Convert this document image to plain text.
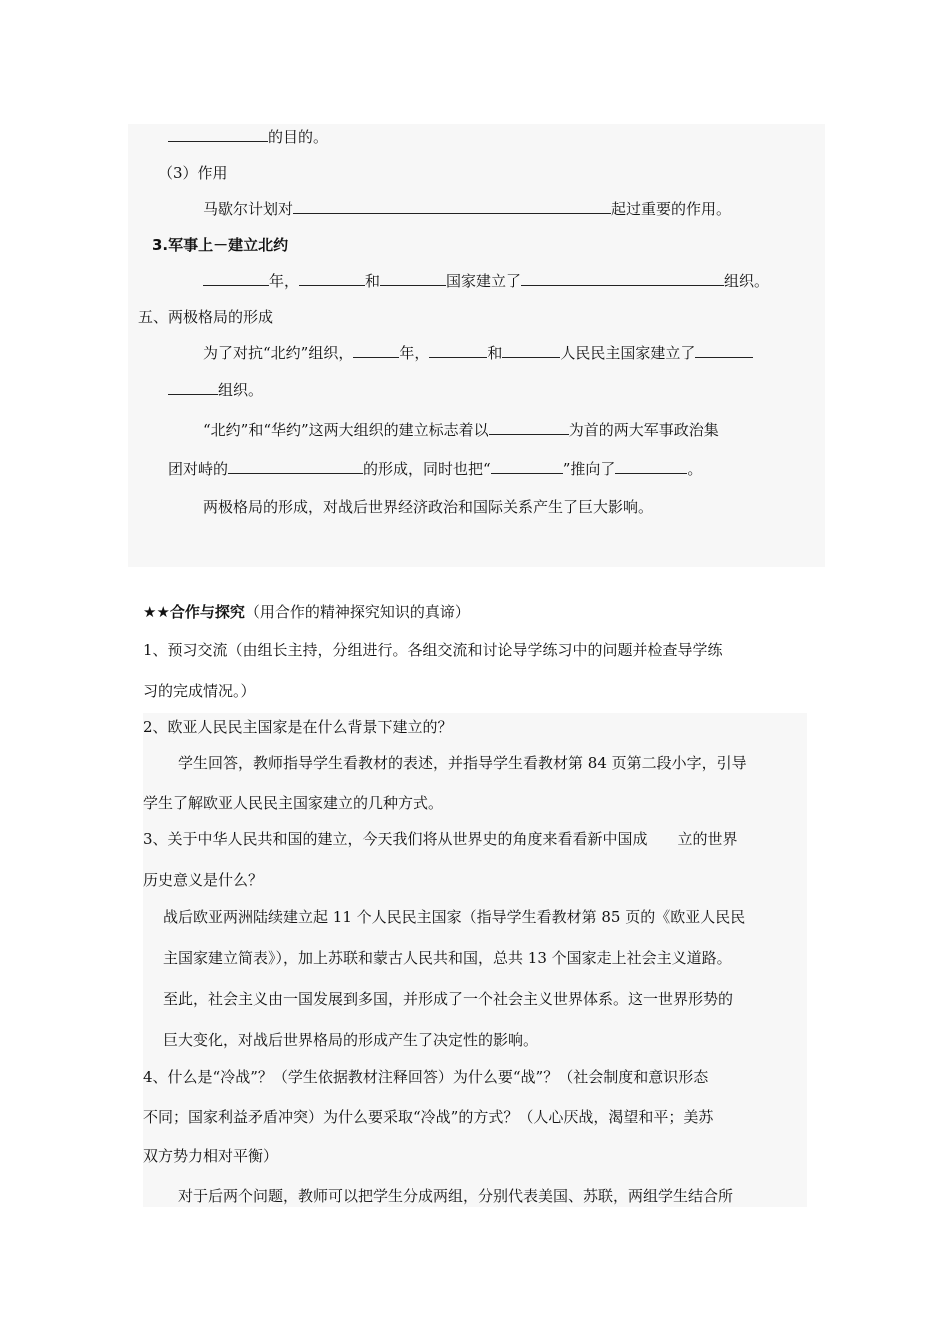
的目的。
（3）作用
马歇尔计划对	起过重要的作用。
3.军事上－建立北约
年，	和	国家建立了	组织。
五、两极格局的形成
为了对抗“北约”组织，	年，	和	人民民主国家建立了
组织。
“北约”和“华约”这两大组织的建立标志着以	为首的两大军事政治集
团对峙的	的形成，同时也把“	”推向了	。
两极格局的形成，对战后世界经济政治和国际关系产生了巨大影响。
★★合作与探究（用合作的精神探究知识的真谛）
1、预习交流（由组长主持，分组进行。各组交流和讨论导学练习中的问题并检查导学练
习的完成情况。）
2、欧亚人民民主国家是在什么背景下建立的？
学生回答，教师指导学生看教材的表述，并指导学生看教材第 84 页第二段小字，引导
学生了解欧亚人民民主国家建立的几种方式。
3、关于中华人民共和国的建立，今天我们将从世界史的角度来看看新中国成　　立的世界
历史意义是什么？
战后欧亚两洲陆续建立起 11 个人民民主国家（指导学生看教材第 85 页的《欧亚人民民
主国家建立简表》），加上苏联和蒙古人民共和国，总共 13 个国家走上社会主义道路。
至此，社会主义由一国发展到多国，并形成了一个社会主义世界体系。这一世界形势的
巨大变化，对战后世界格局的形成产生了决定性的影响。
4、什么是“冷战”？（学生依据教材注释回答）为什么要“战”？（社会制度和意识形态
不同；国家利益矛盾冲突）为什么要采取“冷战”的方式？（人心厌战，渴望和平；美苏
双方势力相对平衡）
对于后两个问题，教师可以把学生分成两组，分别代表美国、苏联，两组学生结合所
